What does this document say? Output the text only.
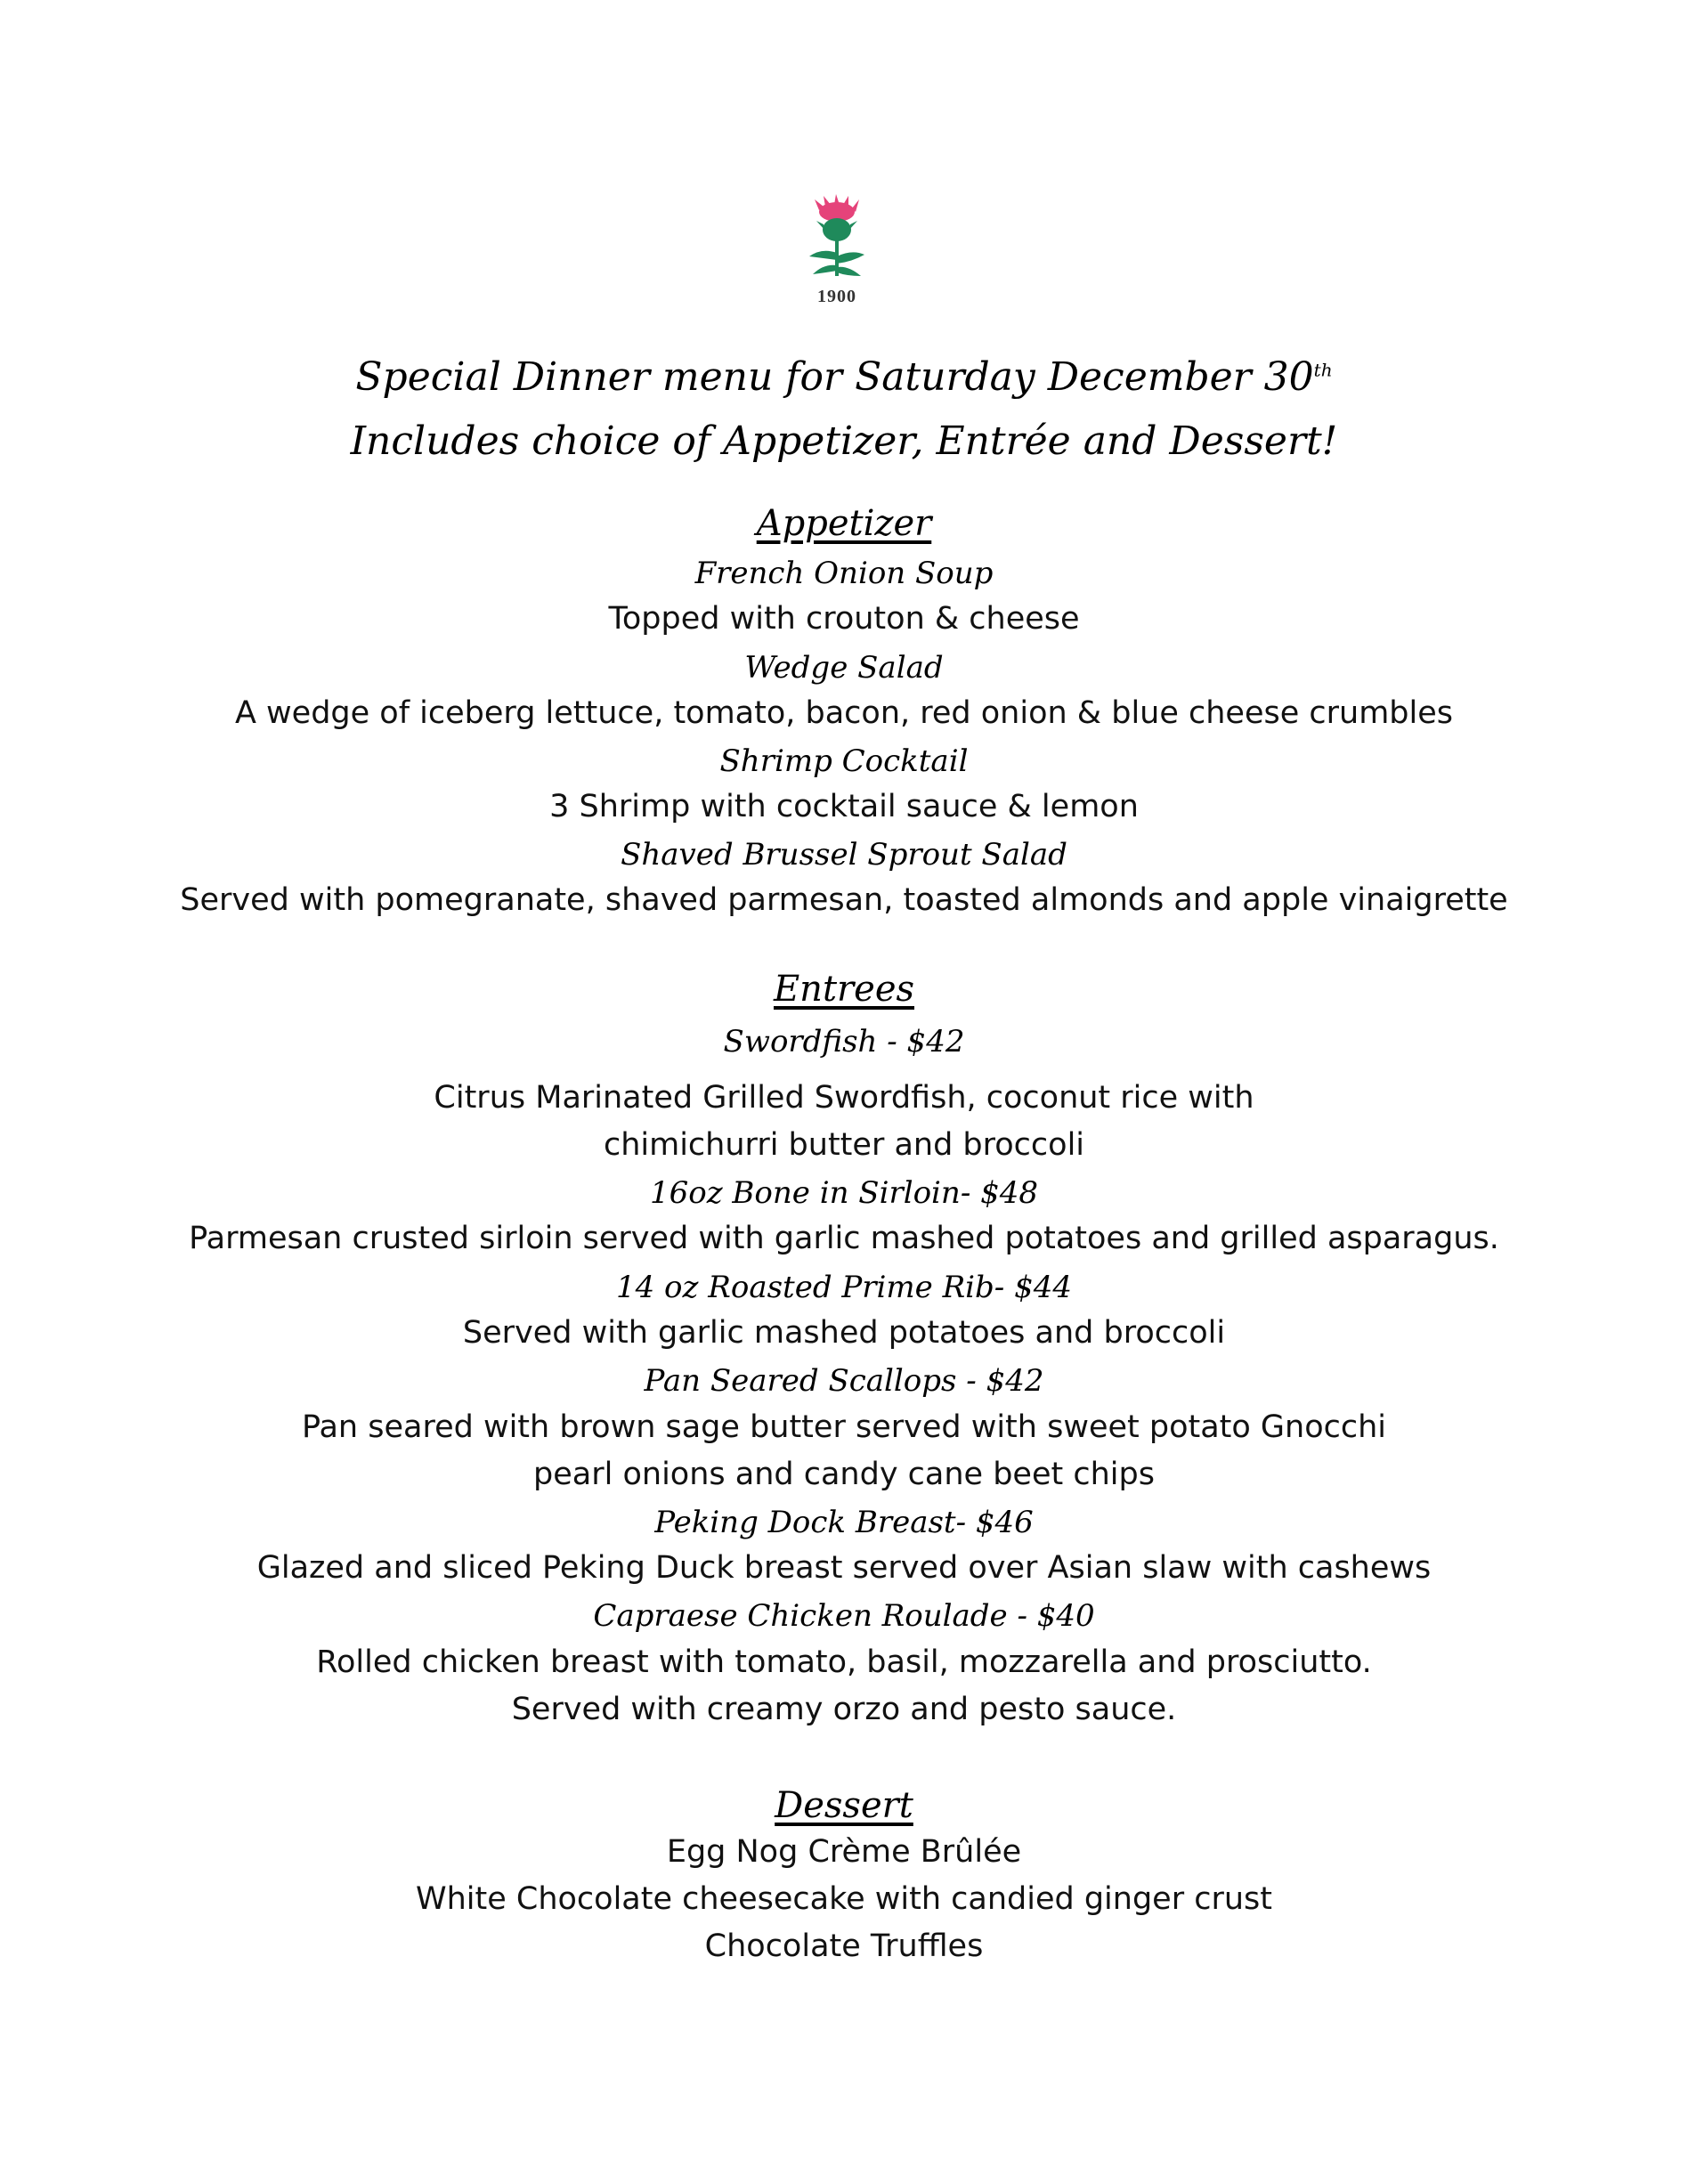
1900
Special Dinner menu for Saturday December 30th
Includes choice of Appetizer, Entrée and Dessert!
Appetizer
French Onion Soup
Topped with crouton & cheese
Wedge Salad
A wedge of iceberg lettuce, tomato, bacon, red onion & blue cheese crumbles
Shrimp Cocktail
3 Shrimp with cocktail sauce & lemon
Shaved Brussel Sprout Salad
Served with pomegranate, shaved parmesan, toasted almonds and apple vinaigrette
Entrees
Swordfish - $42
Citrus Marinated Grilled Swordfish, coconut rice with
chimichurri butter and broccoli
16oz Bone in Sirloin- $48
Parmesan crusted sirloin served with garlic mashed potatoes and grilled asparagus.
14 oz Roasted Prime Rib- $44
Served with garlic mashed potatoes and broccoli
Pan Seared Scallops - $42
Pan seared with brown sage butter served with sweet potato Gnocchi
pearl onions and candy cane beet chips
Peking Dock Breast- $46
Glazed and sliced Peking Duck breast served over Asian slaw with cashews
Capraese Chicken Roulade - $40
Rolled chicken breast with tomato, basil, mozzarella and prosciutto.
Served with creamy orzo and pesto sauce.
Dessert
Egg Nog Crème Brûlée
White Chocolate cheesecake with candied ginger crust
Chocolate Truffles
